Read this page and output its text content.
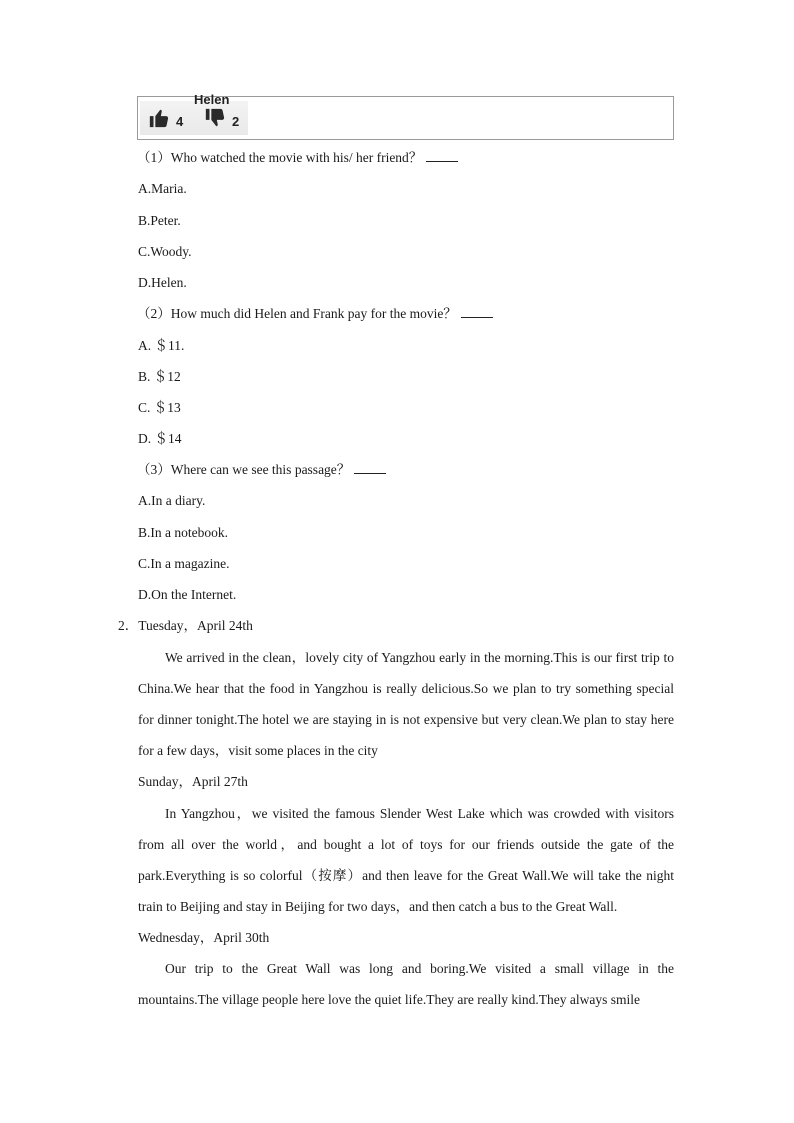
Helen
4	2
（1）Who watched the movie with his/ her friend？
A.Maria.
B.Peter.
C.Woody.
D.Helen.
（2）How much did Helen and Frank pay for the movie？
A. ＄11.
B. ＄12
C. ＄13
D. ＄14
（3）Where can we see this passage？
A.In a diary.
B.In a notebook.
C.In a magazine.
D.On the Internet.
2．Tuesday，April 24th
We arrived in the clean，lovely city of Yangzhou early in the morning.This is our first trip to China.We hear that the food in Yangzhou is really delicious.So we plan to try something special for dinner tonight.The hotel we are staying in is not expensive but very clean.We plan to stay here for a few days，visit some places in the city
Sunday，April 27th
In Yangzhou，we visited the famous Slender West Lake which was crowded with visitors from all over the world，and bought a lot of toys for our friends outside the gate of the park.Everything is so colorful（按摩）and then leave for the Great Wall.We will take the night train to Beijing and stay in Beijing for two days，and then catch a bus to the Great Wall.
Wednesday，April 30th
Our trip to the Great Wall was long and boring.We visited a small village in the mountains.The village people here love the quiet life.They are really kind.They always smile
